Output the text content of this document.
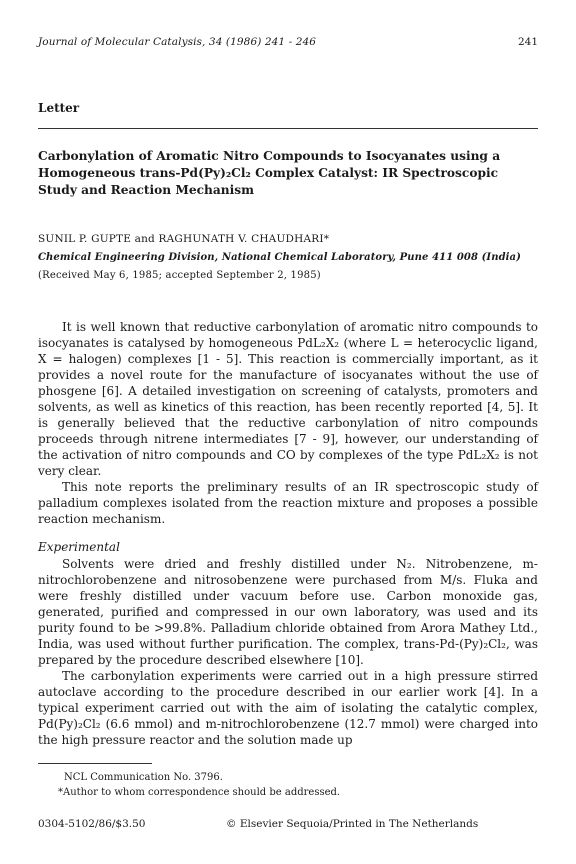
Journal of Molecular Catalysis, 34 (1986) 241 - 246	241
Letter
Carbonylation of Aromatic Nitro Compounds to Isocyanates using a Homogeneous trans-Pd(Py)₂Cl₂ Complex Catalyst: IR Spectroscopic Study and Reaction Mechanism
SUNIL P. GUPTE and RAGHUNATH V. CHAUDHARI*
Chemical Engineering Division, National Chemical Laboratory, Pune 411 008 (India)
(Received May 6, 1985; accepted September 2, 1985)

It is well known that reductive carbonylation of aromatic nitro compounds to isocyanates is catalysed by homogeneous PdL₂X₂ (where L = heterocyclic ligand, X = halogen) complexes [1 - 5]. This reaction is commercially important, as it provides a novel route for the manufacture of isocyanates without the use of phosgene [6]. A detailed investigation on screening of catalysts, promoters and solvents, as well as kinetics of this reaction, has been recently reported [4, 5]. It is generally believed that the reductive carbonylation of nitro compounds proceeds through nitrene intermediates [7 - 9], however, our understanding of the activation of nitro compounds and CO by complexes of the type PdL₂X₂ is not very clear.

This note reports the preliminary results of an IR spectroscopic study of palladium complexes isolated from the reaction mixture and proposes a possible reaction mechanism.

Experimental

Solvents were dried and freshly distilled under N₂. Nitrobenzene, m-nitrochlorobenzene and nitrosobenzene were purchased from M/s. Fluka and were freshly distilled under vacuum before use. Carbon monoxide gas, generated, purified and compressed in our own laboratory, was used and its purity found to be >99.8%. Palladium chloride obtained from Arora Mathey Ltd., India, was used without further purification. The complex, trans-Pd-(Py)₂Cl₂, was prepared by the procedure described elsewhere [10].

The carbonylation experiments were carried out in a high pressure stirred autoclave according to the procedure described in our earlier work [4]. In a typical experiment carried out with the aim of isolating the catalytic complex, Pd(Py)₂Cl₂ (6.6 mmol) and m-nitrochlorobenzene (12.7 mmol) were charged into the high pressure reactor and the solution made up

NCL Communication No. 3796.
*Author to whom correspondence should be addressed.
0304-5102/86/$3.50	© Elsevier Sequoia/Printed in The Netherlands
